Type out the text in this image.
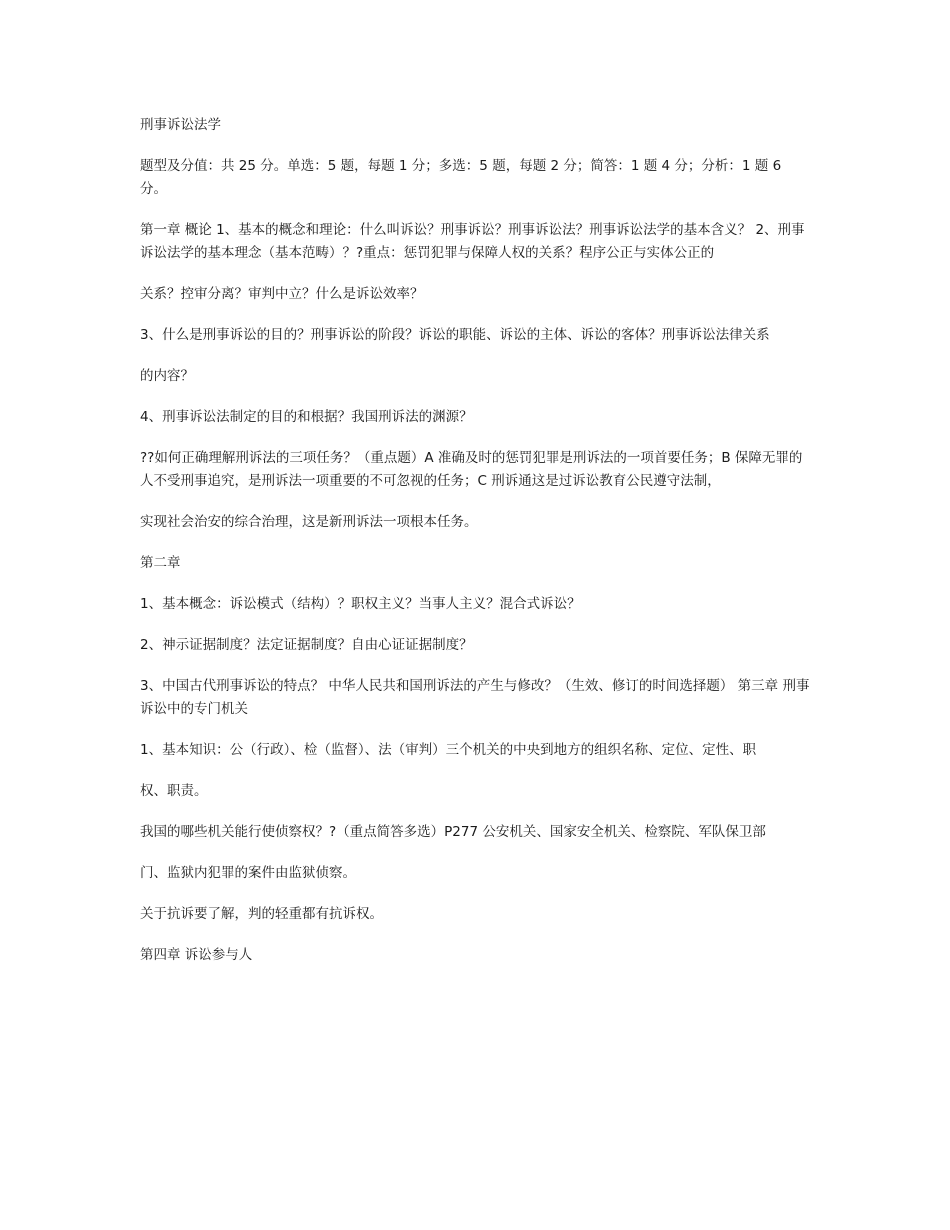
刑事诉讼法学

题型及分值：共 25 分。单选：5 题，每题 1 分；多选：5 题，每题 2 分；简答：1 题 4 分；分析：1 题 6 分。

第一章 概论 1、基本的概念和理论：什么叫诉讼？刑事诉讼？刑事诉讼法？刑事诉讼法学的基本含义？ 2、刑事诉讼法学的基本理念（基本范畴）？?重点：惩罚犯罪与保障人权的关系？程序公正与实体公正的

关系？控审分离？审判中立？什么是诉讼效率？

3、什么是刑事诉讼的目的？刑事诉讼的阶段？诉讼的职能、诉讼的主体、诉讼的客体？刑事诉讼法律关系

的内容？

4、刑事诉讼法制定的目的和根据？我国刑诉法的渊源？

??如何正确理解刑诉法的三项任务？（重点题）A 准确及时的惩罚犯罪是刑诉法的一项首要任务；B 保障无罪的人不受刑事追究，是刑诉法一项重要的不可忽视的任务；C 刑诉通这是过诉讼教育公民遵守法制，

实现社会治安的综合治理，这是新刑诉法一项根本任务。

第二章

1、基本概念：诉讼模式（结构）？职权主义？当事人主义？混合式诉讼？

2、神示证据制度？法定证据制度？自由心证证据制度？

3、中国古代刑事诉讼的特点？ 中华人民共和国刑诉法的产生与修改？（生效、修订的时间选择题） 第三章 刑事诉讼中的专门机关

1、基本知识：公（行政）、检（监督）、法（审判）三个机关的中央到地方的组织名称、定位、定性、职

权、职责。

我国的哪些机关能行使侦察权？?（重点简答多选）P277 公安机关、国家安全机关、检察院、军队保卫部

门、监狱内犯罪的案件由监狱侦察。

关于抗诉要了解，判的轻重都有抗诉权。

第四章 诉讼参与人
